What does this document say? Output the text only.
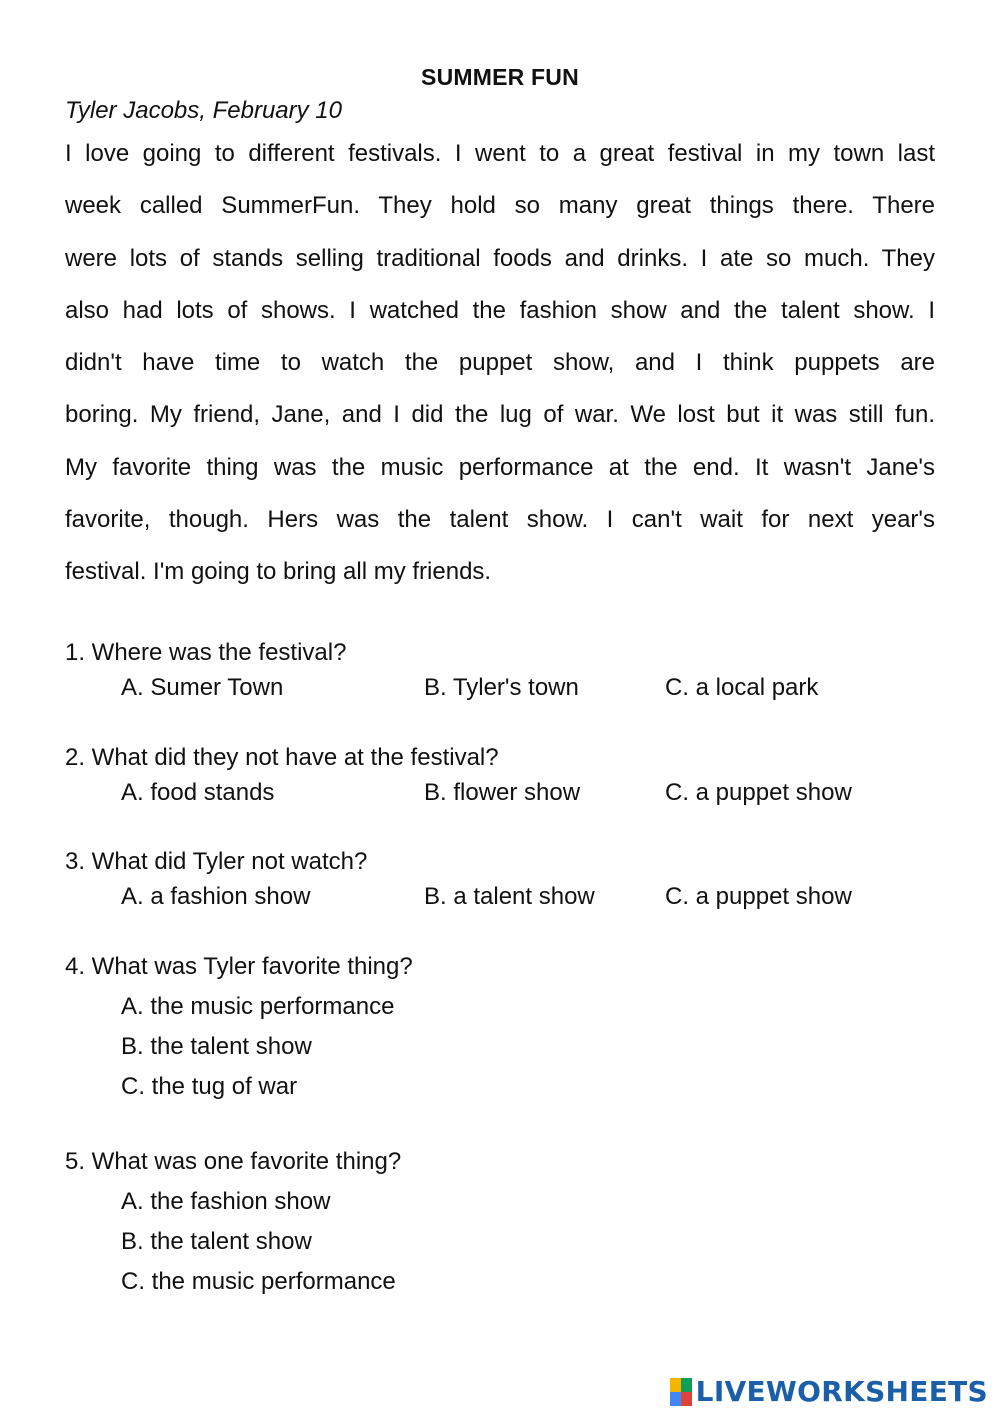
SUMMER FUN
Tyler Jacobs, February 10
I love going to different festivals. I went to a great festival in my town last
week called SummerFun. They hold so many great things there. There
were lots of stands selling traditional foods and drinks. I ate so much. They
also had lots of shows. I watched the fashion show and the talent show. I
didn't have time to watch the puppet show, and I think puppets are
boring. My friend, Jane, and I did the lug of war. We lost but it was still fun.
My favorite thing was the music performance at the end. It wasn't Jane's
favorite, though. Hers was the talent show. I can't wait for next year's
festival. I'm going to bring all my friends.
1. Where was the festival?
A. Sumer Town	B. Tyler's town	C. a local park
2. What did they not have at the festival?
A. food stands	B. flower show	C. a puppet show
3. What did Tyler not watch?
A. a fashion show	B. a talent show	C. a puppet show
4. What was Tyler favorite thing?
A. the music performance
B. the talent show
C. the tug of war
5. What was one favorite thing?
A. the fashion show
B. the talent show
C. the music performance
LIVEWORKSHEETS
